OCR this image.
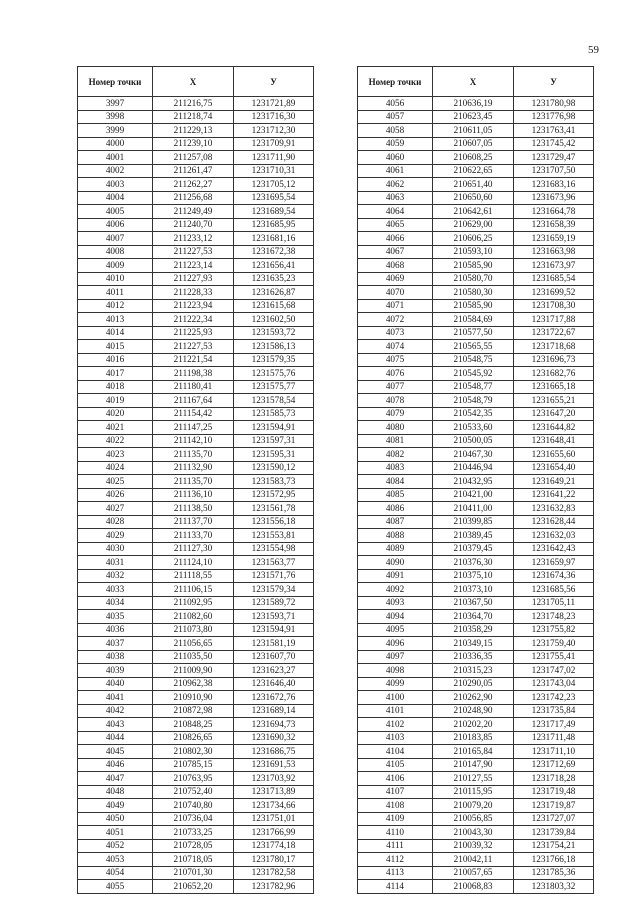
59
Номер точки	X	У
3997	211216,75	1231721,89
3998	211218,74	1231716,30
3999	211229,13	1231712,30
4000	211239,10	1231709,91
4001	211257,08	1231711,90
4002	211261,47	1231710,31
4003	211262,27	1231705,12
4004	211256,68	1231695,54
4005	211249,49	1231689,54
4006	211240,70	1231685,95
4007	211233,12	1231681,16
4008	211227,53	1231672,38
4009	211223,14	1231656,41
4010	211227,93	1231635,23
4011	211228,33	1231626,87
4012	211223,94	1231615,68
4013	211222,34	1231602,50
4014	211225,93	1231593,72
4015	211227,53	1231586,13
4016	211221,54	1231579,35
4017	211198,38	1231575,76
4018	211180,41	1231575,77
4019	211167,64	1231578,54
4020	211154,42	1231585,73
4021	211147,25	1231594,91
4022	211142,10	1231597,31
4023	211135,70	1231595,31
4024	211132,90	1231590,12
4025	211135,70	1231583,73
4026	211136,10	1231572,95
4027	211138,50	1231561,78
4028	211137,70	1231556,18
4029	211133,70	1231553,81
4030	211127,30	1231554,98
4031	211124,10	1231563,77
4032	211118,55	1231571,76
4033	211106,15	1231579,34
4034	211092,95	1231589,72
4035	211082,60	1231593,71
4036	211073,80	1231594,91
4037	211056,65	1231581,19
4038	211035,50	1231607,70
4039	211009,90	1231623,27
4040	210962,38	1231646,40
4041	210910,90	1231672,76
4042	210872,98	1231689,14
4043	210848,25	1231694,73
4044	210826,65	1231690,32
4045	210802,30	1231686,75
4046	210785,15	1231691,53
4047	210763,95	1231703,92
4048	210752,40	1231713,89
4049	210740,80	1231734,66
4050	210736,04	1231751,01
4051	210733,25	1231766,99
4052	210728,05	1231774,18
4053	210718,05	1231780,17
4054	210701,30	1231782,58
4055	210652,20	1231782,96
Номер точки	X	У
4056	210636,19	1231780,98
4057	210623,45	1231776,98
4058	210611,05	1231763,41
4059	210607,05	1231745,42
4060	210608,25	1231729,47
4061	210622,65	1231707,50
4062	210651,40	1231683,16
4063	210650,60	1231673,96
4064	210642,61	1231664,78
4065	210629,00	1231658,39
4066	210606,25	1231659,19
4067	210593,10	1231663,98
4068	210585,90	1231673,97
4069	210580,70	1231685,54
4070	210580,30	1231699,52
4071	210585,90	1231708,30
4072	210584,69	1231717,88
4073	210577,50	1231722,67
4074	210565,55	1231718,68
4075	210548,75	1231696,73
4076	210545,92	1231682,76
4077	210548,77	1231665,18
4078	210548,79	1231655,21
4079	210542,35	1231647,20
4080	210533,60	1231644,82
4081	210500,05	1231648,41
4082	210467,30	1231655,60
4083	210446,94	1231654,40
4084	210432,95	1231649,21
4085	210421,00	1231641,22
4086	210411,00	1231632,83
4087	210399,85	1231628,44
4088	210389,45	1231632,03
4089	210379,45	1231642,43
4090	210376,30	1231659,97
4091	210375,10	1231674,36
4092	210373,10	1231685,56
4093	210367,50	1231705,11
4094	210364,70	1231748,23
4095	210358,29	1231755,82
4096	210349,15	1231759,40
4097	210336,35	1231755,41
4098	210315,23	1231747,02
4099	210290,05	1231743,04
4100	210262,90	1231742,23
4101	210248,90	1231735,84
4102	210202,20	1231717,49
4103	210183,85	1231711,48
4104	210165,84	1231711,10
4105	210147,90	1231712,69
4106	210127,55	1231718,28
4107	210115,95	1231719,48
4108	210079,20	1231719,87
4109	210056,85	1231727,07
4110	210043,30	1231739,84
4111	210039,32	1231754,21
4112	210042,11	1231766,18
4113	210057,65	1231785,36
4114	210068,83	1231803,32
